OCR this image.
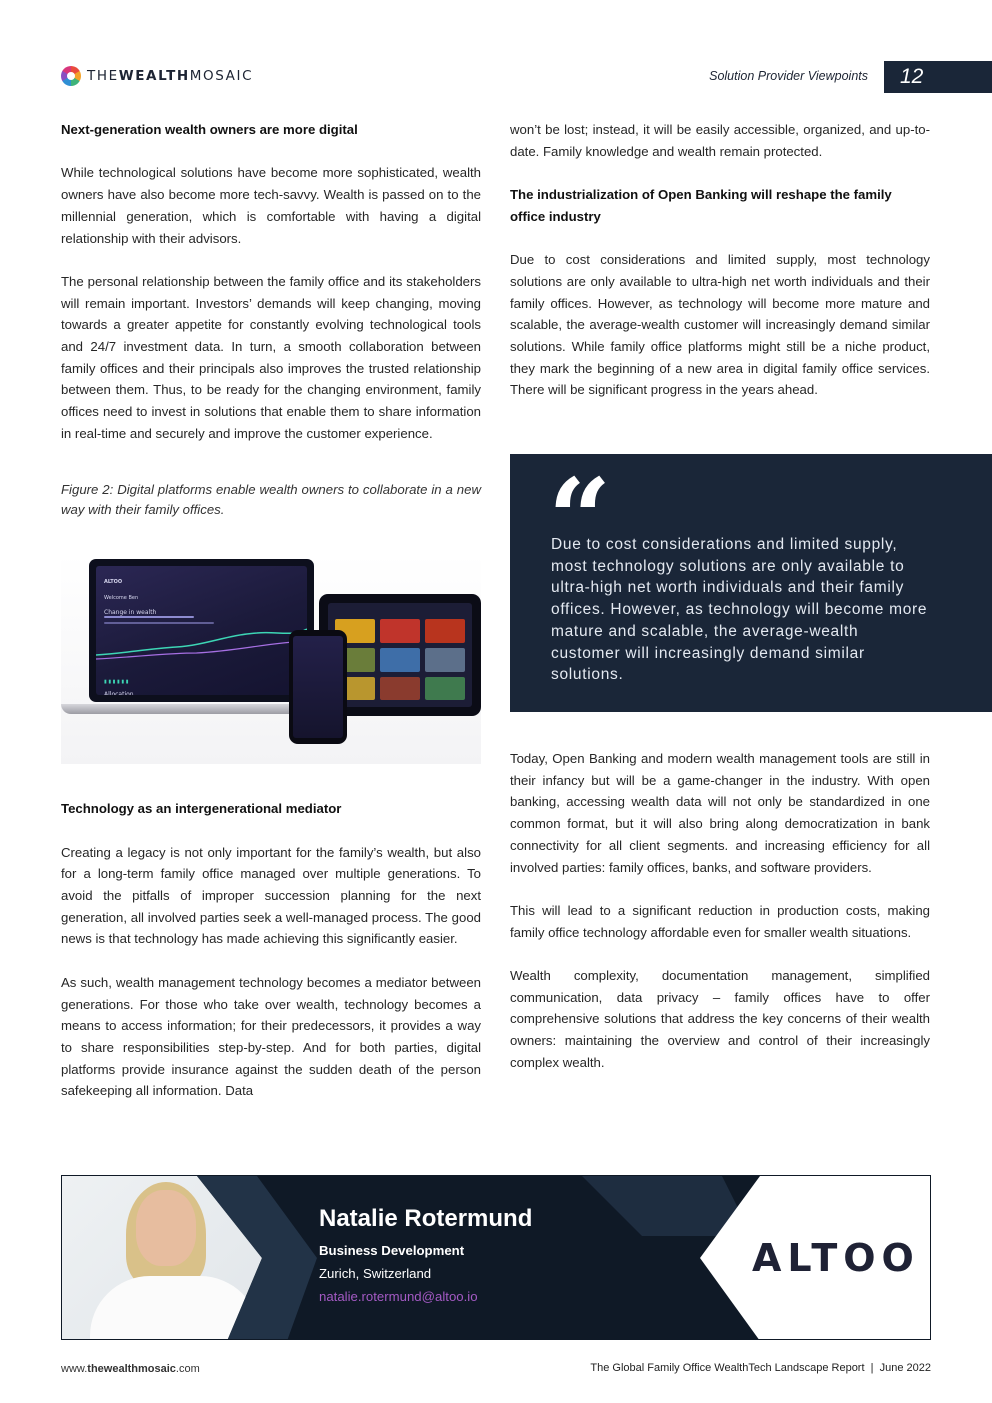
THEWEALTHMOSAIC	Solution Provider Viewpoints	12
Next-generation wealth owners are more digital

While technological solutions have become more sophisticated, wealth owners have also become more tech-savvy. Wealth is passed on to the millennial generation, which is comfortable with having a digital relationship with their advisors.

The personal relationship between the family office and its stakeholders will remain important. Investors’ demands will keep changing, moving towards a greater appetite for constantly evolving technological tools and 24/7 investment data. In turn, a smooth collaboration between family offices and their principals also improves the trusted relationship between them. Thus, to be ready for the changing environment, family offices need to invest in solutions that enable them to share information in real-time and securely and improve the customer experience.

Figure 2: Digital platforms enable wealth owners to collaborate in a new way with their family offices.

ALTOO
Welcome Ben
Change in wealth
▮ ▮ ▮ ▮ ▮ ▮
Allocation
Technology as an intergenerational mediator

Creating a legacy is not only important for the family’s wealth, but also for a long-term family office managed over multiple generations. To avoid the pitfalls of improper succession planning for the next generation, all involved parties seek a well-managed process. The good news is that technology has made achieving this significantly easier.

As such, wealth management technology becomes a mediator between generations. For those who take over wealth, technology becomes a means to access information; for their predecessors, it provides a way to share responsibilities step-by-step. And for both parties, digital platforms provide insurance against the sudden death of the person safekeeping all information. Data

won’t be lost; instead, it will be easily accessible, organized, and up-to-date. Family knowledge and wealth remain protected.

The industrialization of Open Banking will reshape the family office industry

Due to cost considerations and limited supply, most technology solutions are only available to ultra-high net worth individuals and their family offices. However, as technology will become more mature and scalable, the average-wealth customer will increasingly demand similar solutions. While family office platforms might still be a niche product, they mark the beginning of a new area in digital family office services. There will be significant progress in the years ahead.

“
Due to cost considerations and limited supply, most technology solutions are only available to ultra-high net worth individuals and their family offices. However, as technology will become more mature and scalable, the average-wealth customer will increasingly demand similar solutions.

Today, Open Banking and modern wealth management tools are still in their infancy but will be a game-changer in the industry. With open banking, accessing wealth data will not only be standardized in one common format, but it will also bring along democratization in bank connectivity for all client segments. and increasing efficiency for all involved parties: family offices, banks, and software providers.

This will lead to a significant reduction in production costs, making family office technology affordable even for smaller wealth situations.

Wealth complexity, documentation management, simplified communication, data privacy – family offices have to offer comprehensive solutions that address the key concerns of their wealth owners: maintaining the overview and control of their increasingly complex wealth.

ALTOO
Natalie Rotermund
Business Development
Zurich, Switzerland
natalie.rotermund@altoo.io
www.thewealthmosaic.com	The Global Family Office WealthTech Landscape Report  |  June 2022
